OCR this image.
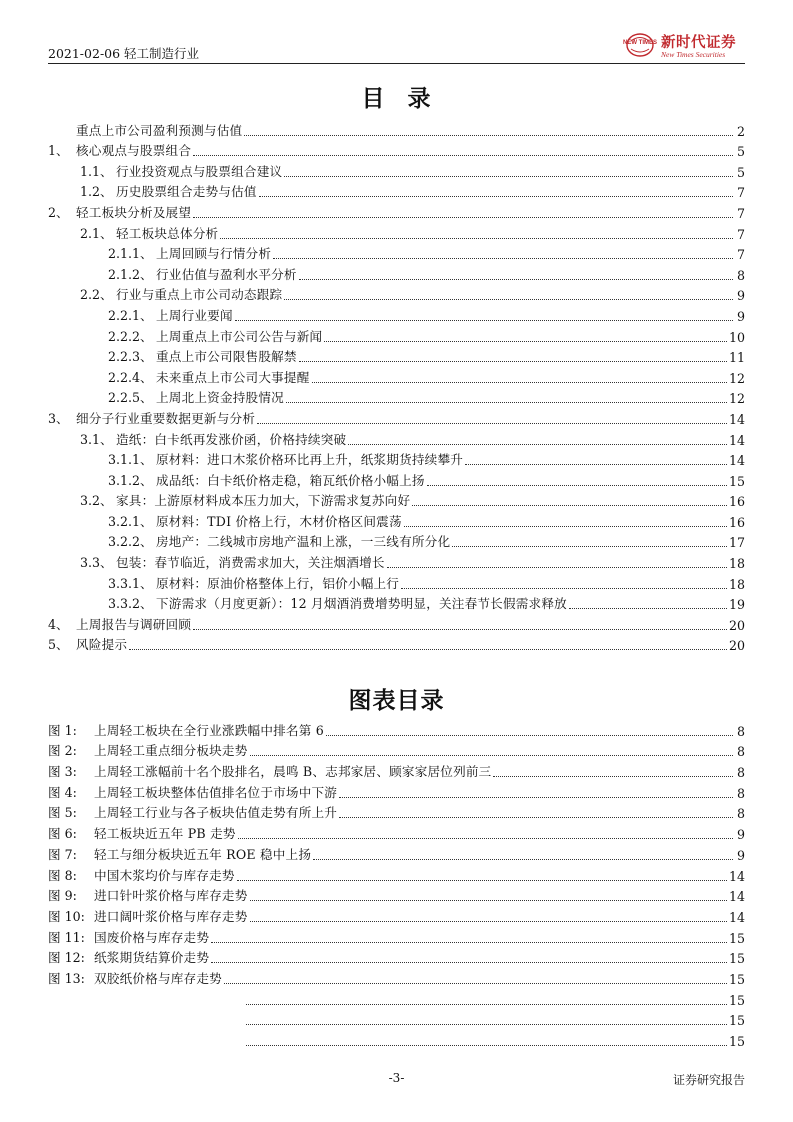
2021-02-06 轻工制造行业
NEW TIMES 新时代证券
New Times Securities
目 录
重点上市公司盈利预测与估值	2
1、 核心观点与股票组合	5
1.1、 行业投资观点与股票组合建议	5
1.2、 历史股票组合走势与估值	7
2、 轻工板块分析及展望	7
2.1、 轻工板块总体分析	7
2.1.1、 上周回顾与行情分析	7
2.1.2、 行业估值与盈利水平分析	8
2.2、 行业与重点上市公司动态跟踪	9
2.2.1、 上周行业要闻	9
2.2.2、 上周重点上市公司公告与新闻	10
2.2.3、 重点上市公司限售股解禁	11
2.2.4、 未来重点上市公司大事提醒	12
2.2.5、 上周北上资金持股情况	12
3、 细分子行业重要数据更新与分析	14
3.1、 造纸：白卡纸再发涨价函，价格持续突破	14
3.1.1、 原材料：进口木浆价格环比再上升，纸浆期货持续攀升	14
3.1.2、 成品纸：白卡纸价格走稳，箱瓦纸价格小幅上扬	15
3.2、 家具：上游原材料成本压力加大，下游需求复苏向好	16
3.2.1、 原材料：TDI 价格上行，木材价格区间震荡	16
3.2.2、 房地产：二线城市房地产温和上涨，一三线有所分化	17
3.3、 包装：春节临近，消费需求加大，关注烟酒增长	18
3.3.1、 原材料：原油价格整体上行，铝价小幅上行	18
3.3.2、 下游需求（月度更新）：12 月烟酒消费增势明显，关注春节长假需求释放	19
4、 上周报告与调研回顾	20
5、 风险提示	20
图表目录
图 1:	上周轻工板块在全行业涨跌幅中排名第 6	8
图 2:	上周轻工重点细分板块走势	8
图 3:	上周轻工涨幅前十名个股排名，晨鸣 B、志邦家居、顾家家居位列前三	8
图 4:	上周轻工板块整体估值排名位于市场中下游	8
图 5:	上周轻工行业与各子板块估值走势有所上升	8
图 6:	轻工板块近五年 PB 走势	9
图 7:	轻工与细分板块近五年 ROE 稳中上扬	9
图 8:	中国木浆均价与库存走势	14
图 9:	进口针叶浆价格与库存走势	14
图 10: 进口阔叶浆价格与库存走势	14
图 11: 国废价格与库存走势	15
图 12: 纸浆期货结算价走势	15
图 13: 双胶纸价格与库存走势	15
15
15
15
-3-	证券研究报告
